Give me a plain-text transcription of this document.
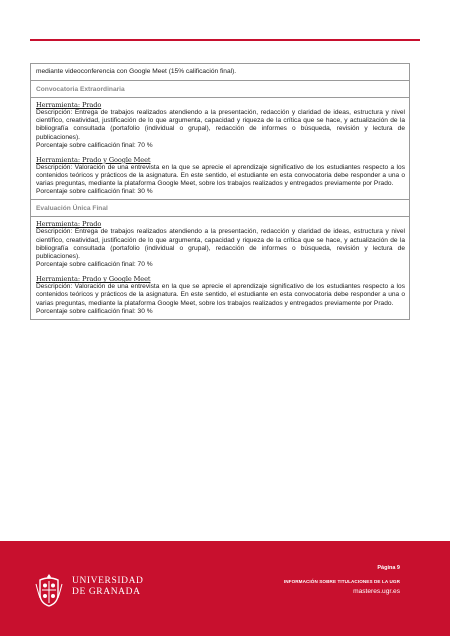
mediante videoconferencia con Google Meet (15% calificación final).
Convocatoria Extraordinaria
Herramienta: Prado
Descripción: Entrega de trabajos realizados atendiendo a la presentación, redacción y claridad de ideas, estructura y nivel científico, creatividad, justificación de lo que argumenta, capacidad y riqueza de la crítica que se hace, y actualización de la bibliografía consultada (portafolio (individual o grupal), redacción de informes o búsqueda, revisión y lectura de publicaciones).
Porcentaje sobre calificación final: 70 %
Herramienta: Prado y Google Meet
Descripción: Valoración de una entrevista en la que se aprecie el aprendizaje significativo de los estudiantes respecto a los contenidos teóricos y prácticos de la asignatura. En este sentido, el estudiante en esta convocatoria debe responder a una o varias preguntas, mediante la plataforma Google Meet, sobre los trabajos realizados y entregados previamente por Prado.
Porcentaje sobre calificación final: 30 %
Evaluación Única Final
Herramienta: Prado
Descripción: Entrega de trabajos realizados atendiendo a la presentación, redacción y claridad de ideas, estructura y nivel científico, creatividad, justificación de lo que argumenta, capacidad y riqueza de la crítica que se hace, y actualización de la bibliografía consultada (portafolio (individual o grupal), redacción de informes o búsqueda, revisión y lectura de publicaciones).
Porcentaje sobre calificación final: 70 %
Herramienta: Prado y Google Meet
Descripción: Valoración de una entrevista en la que se aprecie el aprendizaje significativo de los estudiantes respecto a los contenidos teóricos y prácticos de la asignatura. En este sentido, el estudiante en esta convocatoria debe responder a una o varias preguntas, mediante la plataforma Google Meet, sobre los trabajos realizados y entregados previamente por Prado.
Porcentaje sobre calificación final: 30 %
UNIVERSIDAD
DE GRANADA
Página 9
INFORMACIÓN SOBRE TITULACIONES DE LA UGR
masteres.ugr.es
